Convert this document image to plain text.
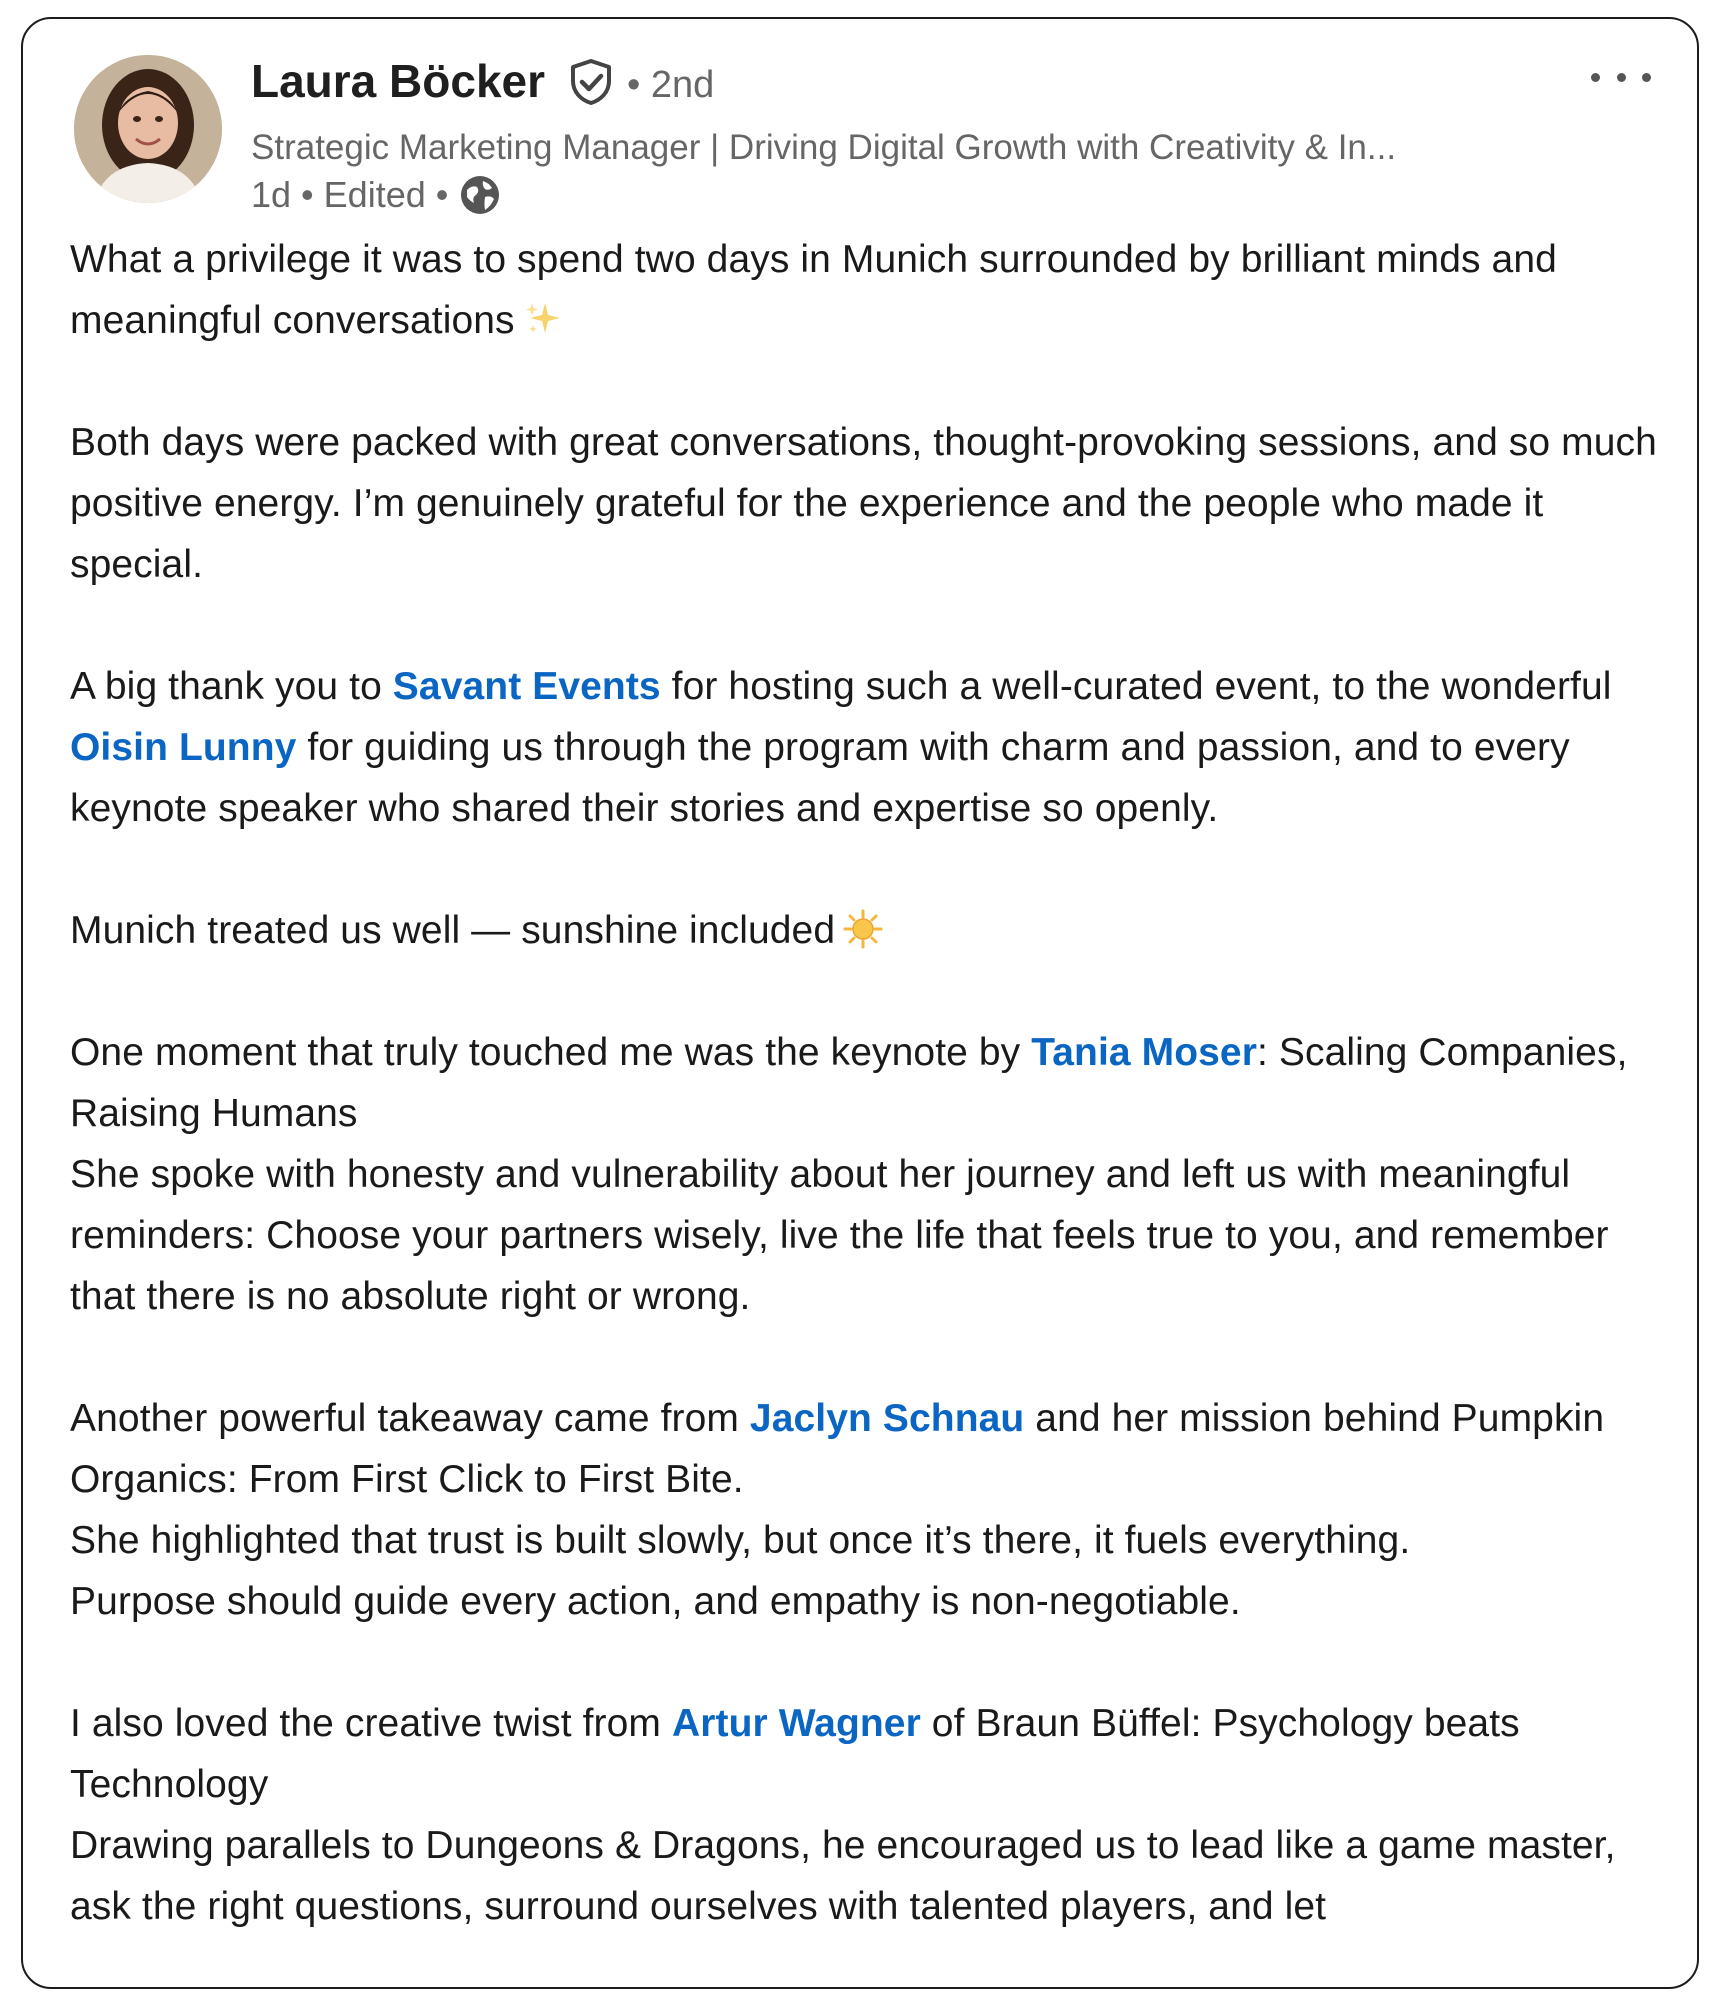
Laura Böcker • 2nd
Strategic Marketing Manager | Driving Digital Growth with Creativity & In...
1d • Edited •

What a privilege it was to spend two days in Munich surrounded by brilliant minds and meaningful conversations

Both days were packed with great conversations, thought-provoking sessions, and so much positive energy. I’m genuinely grateful for the experience and the people who made it special.

A big thank you to Savant Events for hosting such a well-curated event, to the wonderful Oisin Lunny for guiding us through the program with charm and passion, and to every keynote speaker who shared their stories and expertise so openly.

Munich treated us well — sunshine included

One moment that truly touched me was the keynote by Tania Moser: Scaling Companies, Raising Humans
She spoke with honesty and vulnerability about her journey and left us with meaningful reminders: Choose your partners wisely, live the life that feels true to you, and remember that there is no absolute right or wrong.

Another powerful takeaway came from Jaclyn Schnau and her mission behind Pumpkin Organics: From First Click to First Bite.
She highlighted that trust is built slowly, but once it’s there, it fuels everything.
Purpose should guide every action, and empathy is non-negotiable.

I also loved the creative twist from Artur Wagner of Braun Büffel: Psychology beats Technology
Drawing parallels to Dungeons & Dragons, he encouraged us to lead like a game master, ask the right questions, surround ourselves with talented players, and let
